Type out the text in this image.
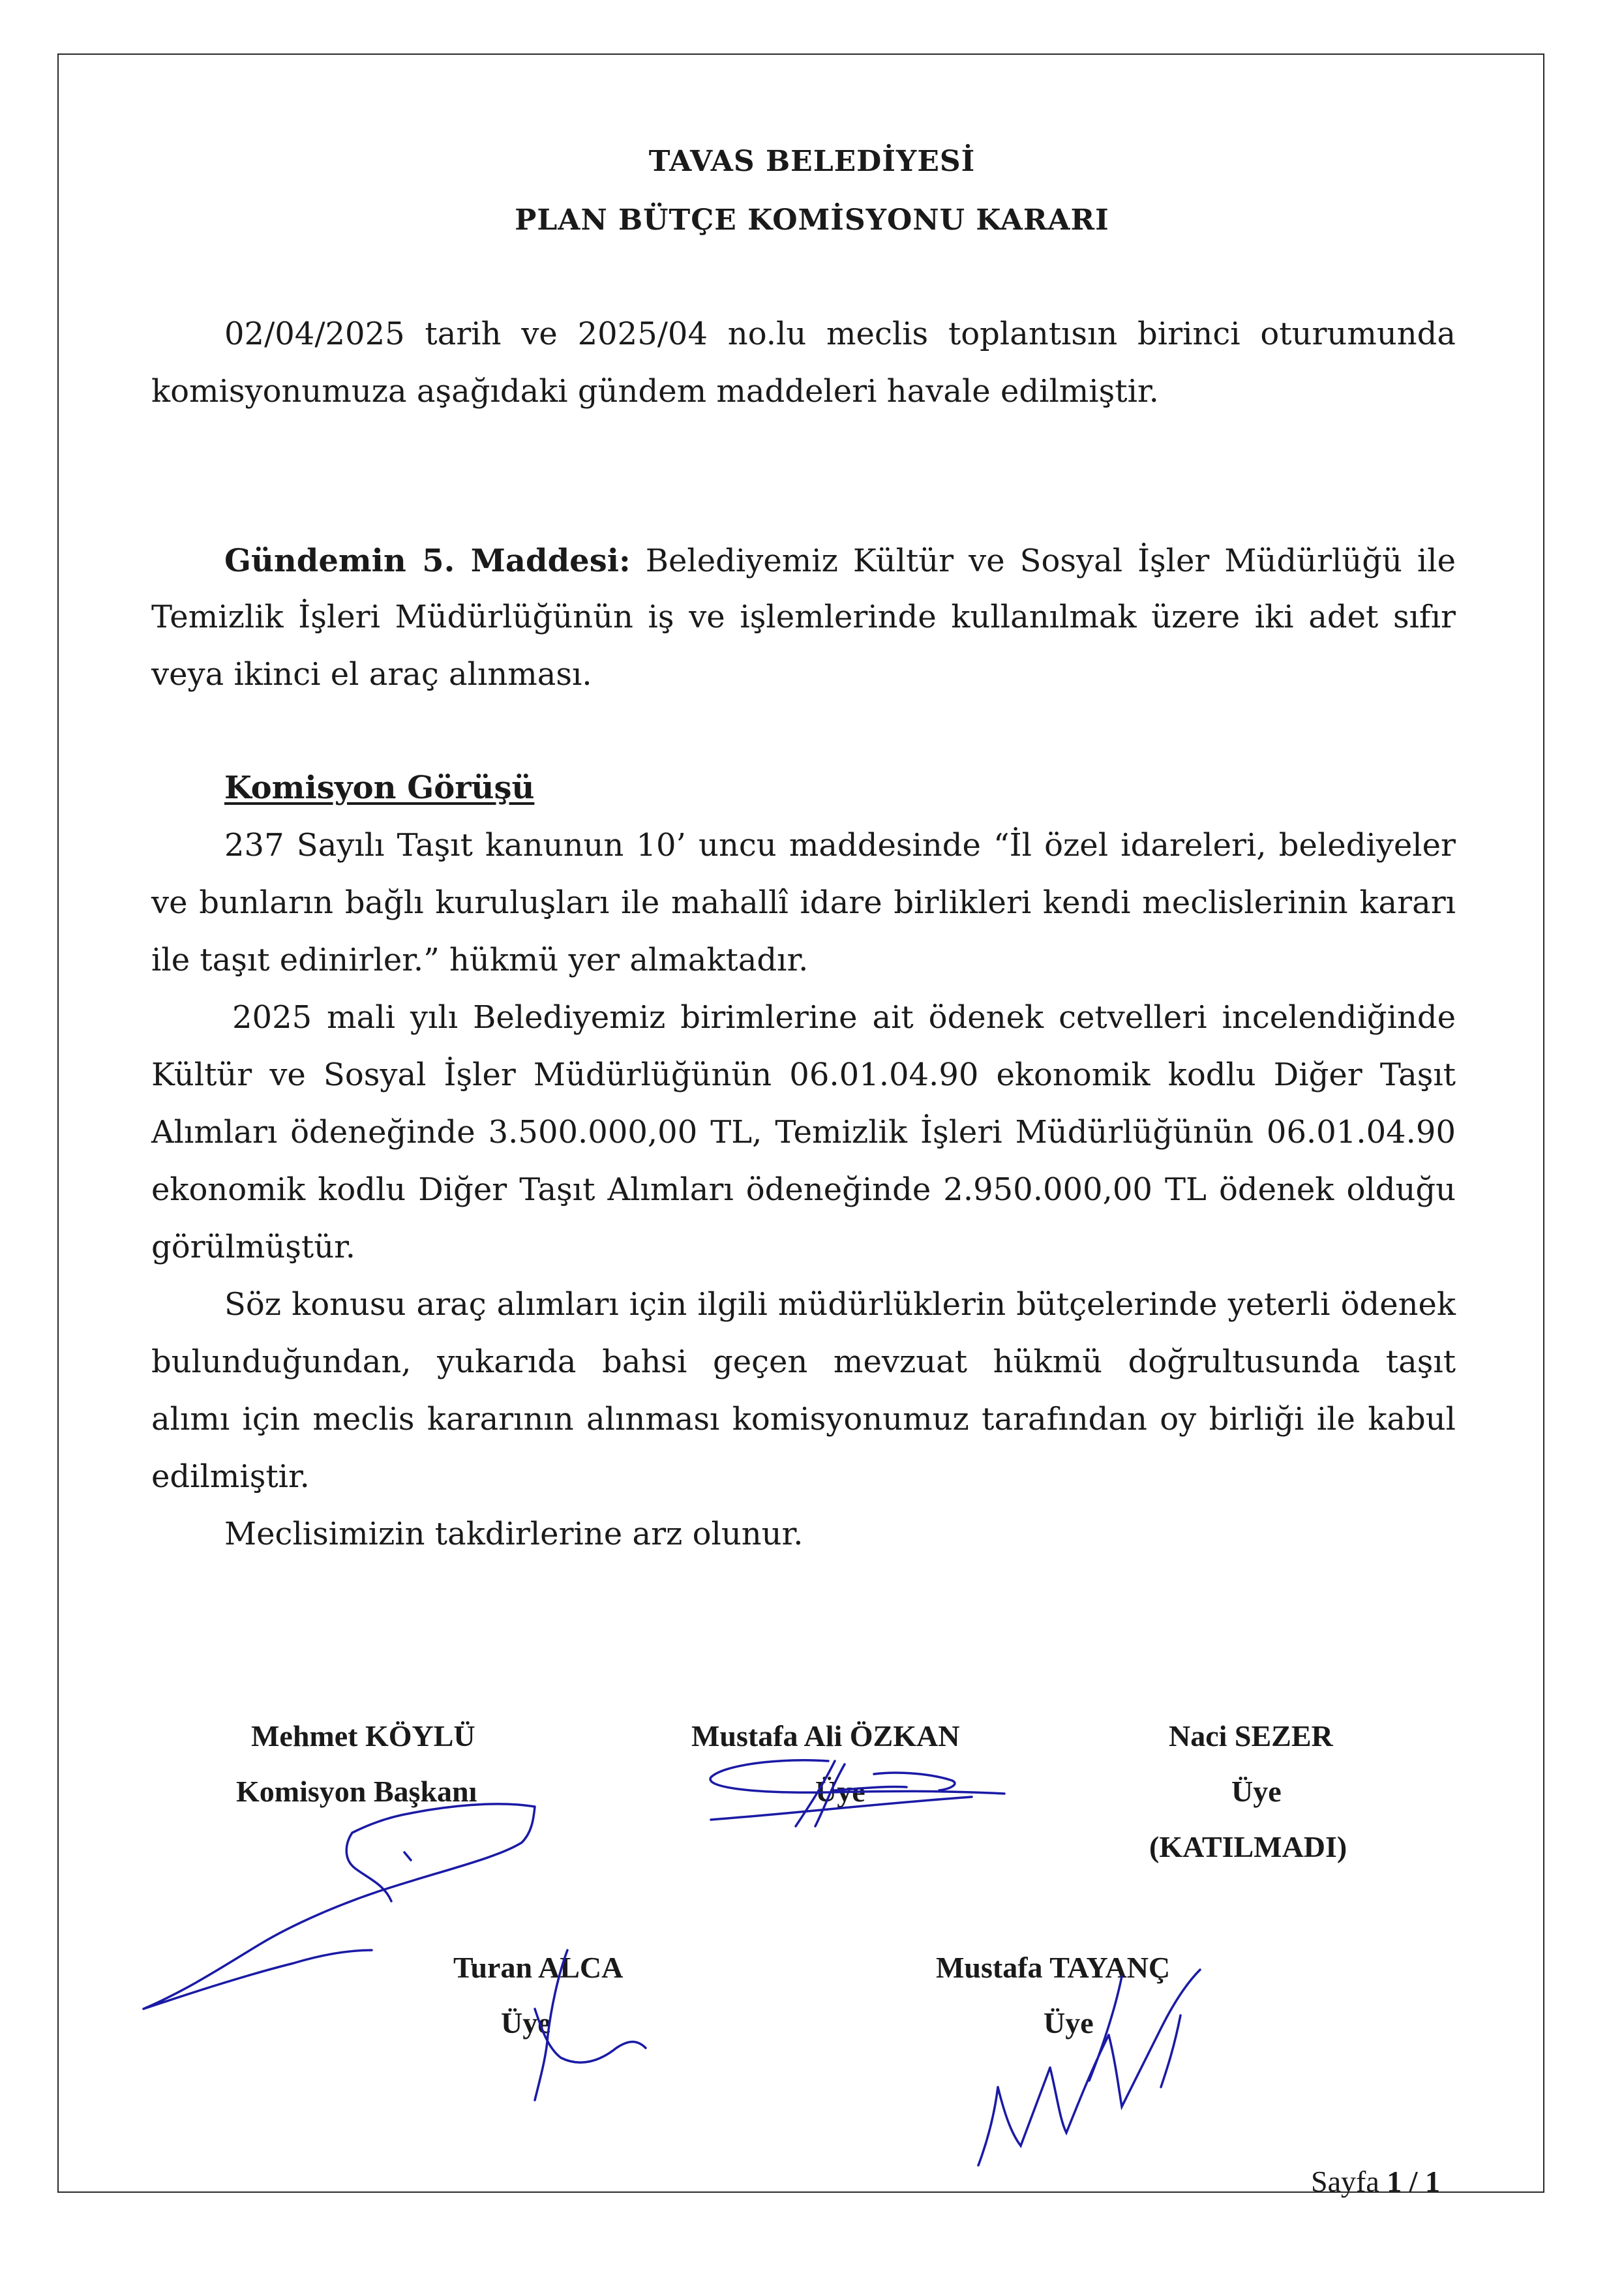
TAVAS BELEDİYESİ
PLAN BÜTÇE KOMİSYONU KARARI
02/04/2025 tarih ve 2025/04 no.lu meclis toplantısın birinci oturumunda
komisyonumuza aşağıdaki gündem maddeleri havale edilmiştir.
Gündemin 5. Maddesi: Belediyemiz Kültür ve Sosyal İşler Müdürlüğü ile
Temizlik İşleri Müdürlüğünün iş ve işlemlerinde kullanılmak üzere iki adet sıfır
veya ikinci el araç alınması.
Komisyon Görüşü
237 Sayılı Taşıt kanunun 10’ uncu maddesinde “İl özel idareleri, belediyeler
ve bunların bağlı kuruluşları ile mahallî idare birlikleri kendi meclislerinin kararı
ile taşıt edinirler.” hükmü yer almaktadır.
2025 mali yılı Belediyemiz birimlerine ait ödenek cetvelleri incelendiğinde
Kültür ve Sosyal İşler Müdürlüğünün 06.01.04.90 ekonomik kodlu Diğer Taşıt
Alımları ödeneğinde 3.500.000,00 TL, Temizlik İşleri Müdürlüğünün 06.01.04.90
ekonomik kodlu Diğer Taşıt Alımları ödeneğinde 2.950.000,00 TL ödenek olduğu
görülmüştür.
Söz konusu araç alımları için ilgili müdürlüklerin bütçelerinde yeterli ödenek
bulunduğundan, yukarıda bahsi geçen mevzuat hükmü doğrultusunda taşıt
alımı için meclis kararının alınması komisyonumuz tarafından oy birliği ile kabul
edilmiştir.
Meclisimizin takdirlerine arz olunur.
Mehmet KÖYLÜ
Komisyon Başkanı
Mustafa Ali ÖZKAN
Üye
Naci SEZER
Üye
(KATILMADI)
Turan ALCA
Üye
Mustafa TAYANÇ
Üye
Sayfa 1 / 1
